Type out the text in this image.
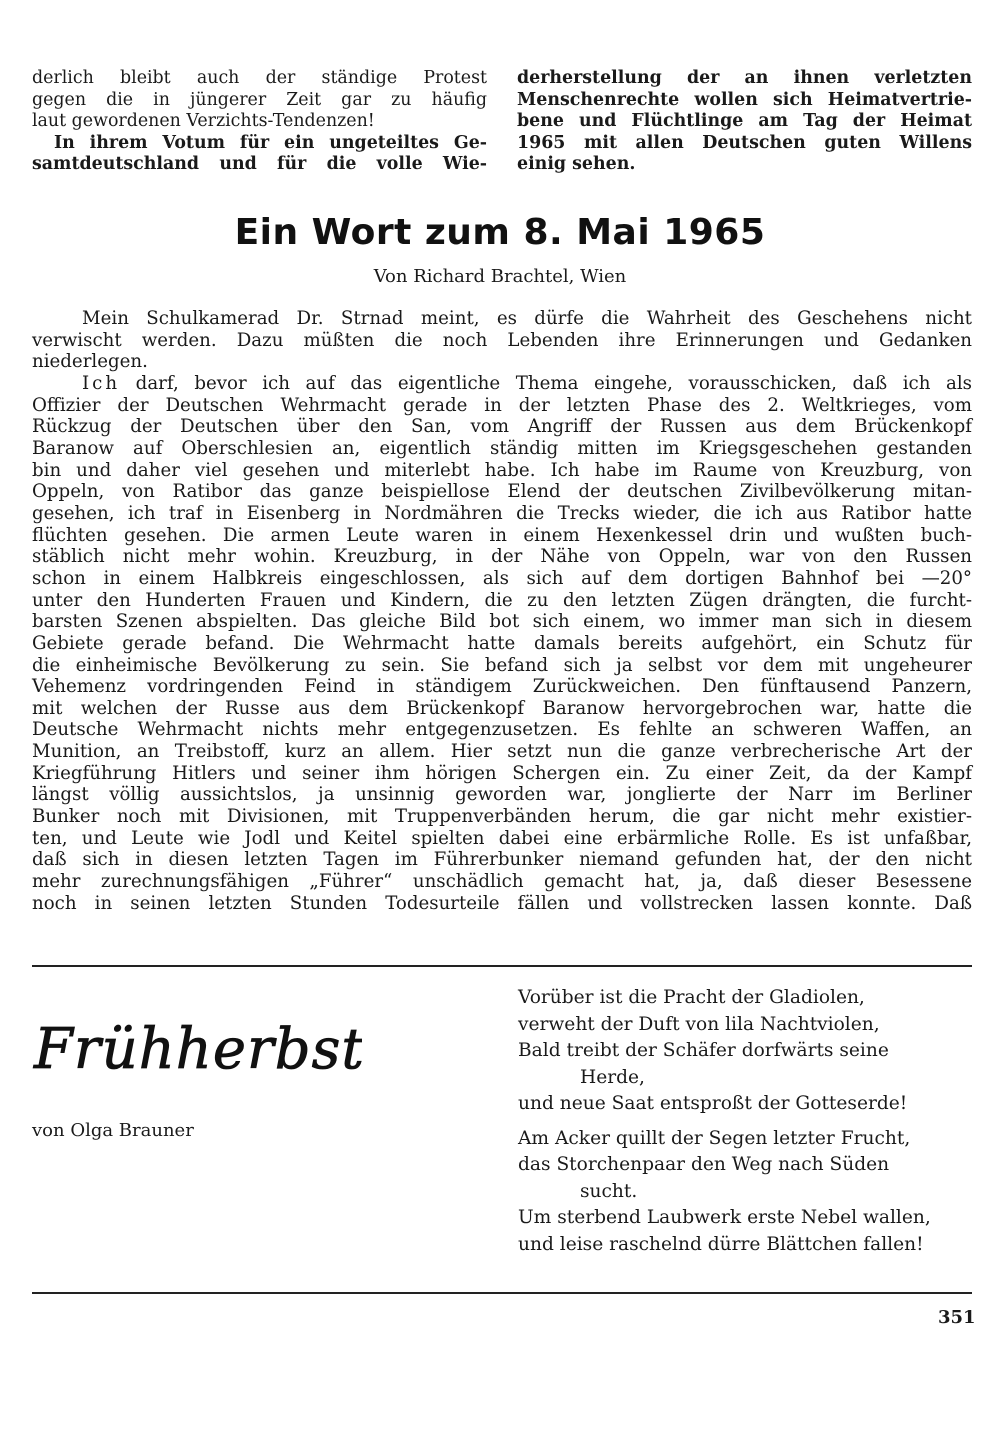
derlich bleibt auch der ständige Protest
gegen die in jüngerer Zeit gar zu häufig
laut gewordenen Verzichts-Tendenzen!
In ihrem Votum für ein ungeteiltes Ge-
samtdeutschland und für die volle Wie-
derherstellung der an ihnen verletzten
Menschenrechte wollen sich Heimatvertrie-
bene und Flüchtlinge am Tag der Heimat
1965 mit allen Deutschen guten Willens
einig sehen.
Ein Wort zum 8. Mai 1965
Von Richard Brachtel, Wien
Mein Schulkamerad Dr. Strnad meint, es dürfe die Wahrheit des Geschehens nicht
verwischt werden. Dazu müßten die noch Lebenden ihre Erinnerungen und Gedanken
niederlegen.
Ich darf, bevor ich auf das eigentliche Thema eingehe, vorausschicken, daß ich als
Offizier der Deutschen Wehrmacht gerade in der letzten Phase des 2. Weltkrieges, vom
Rückzug der Deutschen über den San, vom Angriff der Russen aus dem Brückenkopf
Baranow auf Oberschlesien an, eigentlich ständig mitten im Kriegsgeschehen gestanden
bin und daher viel gesehen und miterlebt habe. Ich habe im Raume von Kreuzburg, von
Oppeln, von Ratibor das ganze beispiellose Elend der deutschen Zivilbevölkerung mitan-
gesehen, ich traf in Eisenberg in Nordmähren die Trecks wieder, die ich aus Ratibor hatte
flüchten gesehen. Die armen Leute waren in einem Hexenkessel drin und wußten buch-
stäblich nicht mehr wohin. Kreuzburg, in der Nähe von Oppeln, war von den Russen
schon in einem Halbkreis eingeschlossen, als sich auf dem dortigen Bahnhof bei —20°
unter den Hunderten Frauen und Kindern, die zu den letzten Zügen drängten, die furcht-
barsten Szenen abspielten. Das gleiche Bild bot sich einem, wo immer man sich in diesem
Gebiete gerade befand. Die Wehrmacht hatte damals bereits aufgehört, ein Schutz für
die einheimische Bevölkerung zu sein. Sie befand sich ja selbst vor dem mit ungeheurer
Vehemenz vordringenden Feind in ständigem Zurückweichen. Den fünftausend Panzern,
mit welchen der Russe aus dem Brückenkopf Baranow hervorgebrochen war, hatte die
Deutsche Wehrmacht nichts mehr entgegenzusetzen. Es fehlte an schweren Waffen, an
Munition, an Treibstoff, kurz an allem. Hier setzt nun die ganze verbrecherische Art der
Kriegführung Hitlers und seiner ihm hörigen Schergen ein. Zu einer Zeit, da der Kampf
längst völlig aussichtslos, ja unsinnig geworden war, jonglierte der Narr im Berliner
Bunker noch mit Divisionen, mit Truppenverbänden herum, die gar nicht mehr existier-
ten, und Leute wie Jodl und Keitel spielten dabei eine erbärmliche Rolle. Es ist unfaßbar,
daß sich in diesen letzten Tagen im Führerbunker niemand gefunden hat, der den nicht
mehr zurechnungsfähigen „Führer“ unschädlich gemacht hat, ja, daß dieser Besessene
noch in seinen letzten Stunden Todesurteile fällen und vollstrecken lassen konnte. Daß
Frühherbst
von Olga Brauner
Vorüber ist die Pracht der Gladiolen,
verweht der Duft von lila Nachtviolen,
Bald treibt der Schäfer dorfwärts seine
Herde,
und neue Saat entsproßt der Gotteserde!
Am Acker quillt der Segen letzter Frucht,
das Storchenpaar den Weg nach Süden
sucht.
Um sterbend Laubwerk erste Nebel wallen,
und leise raschelnd dürre Blättchen fallen!
351
